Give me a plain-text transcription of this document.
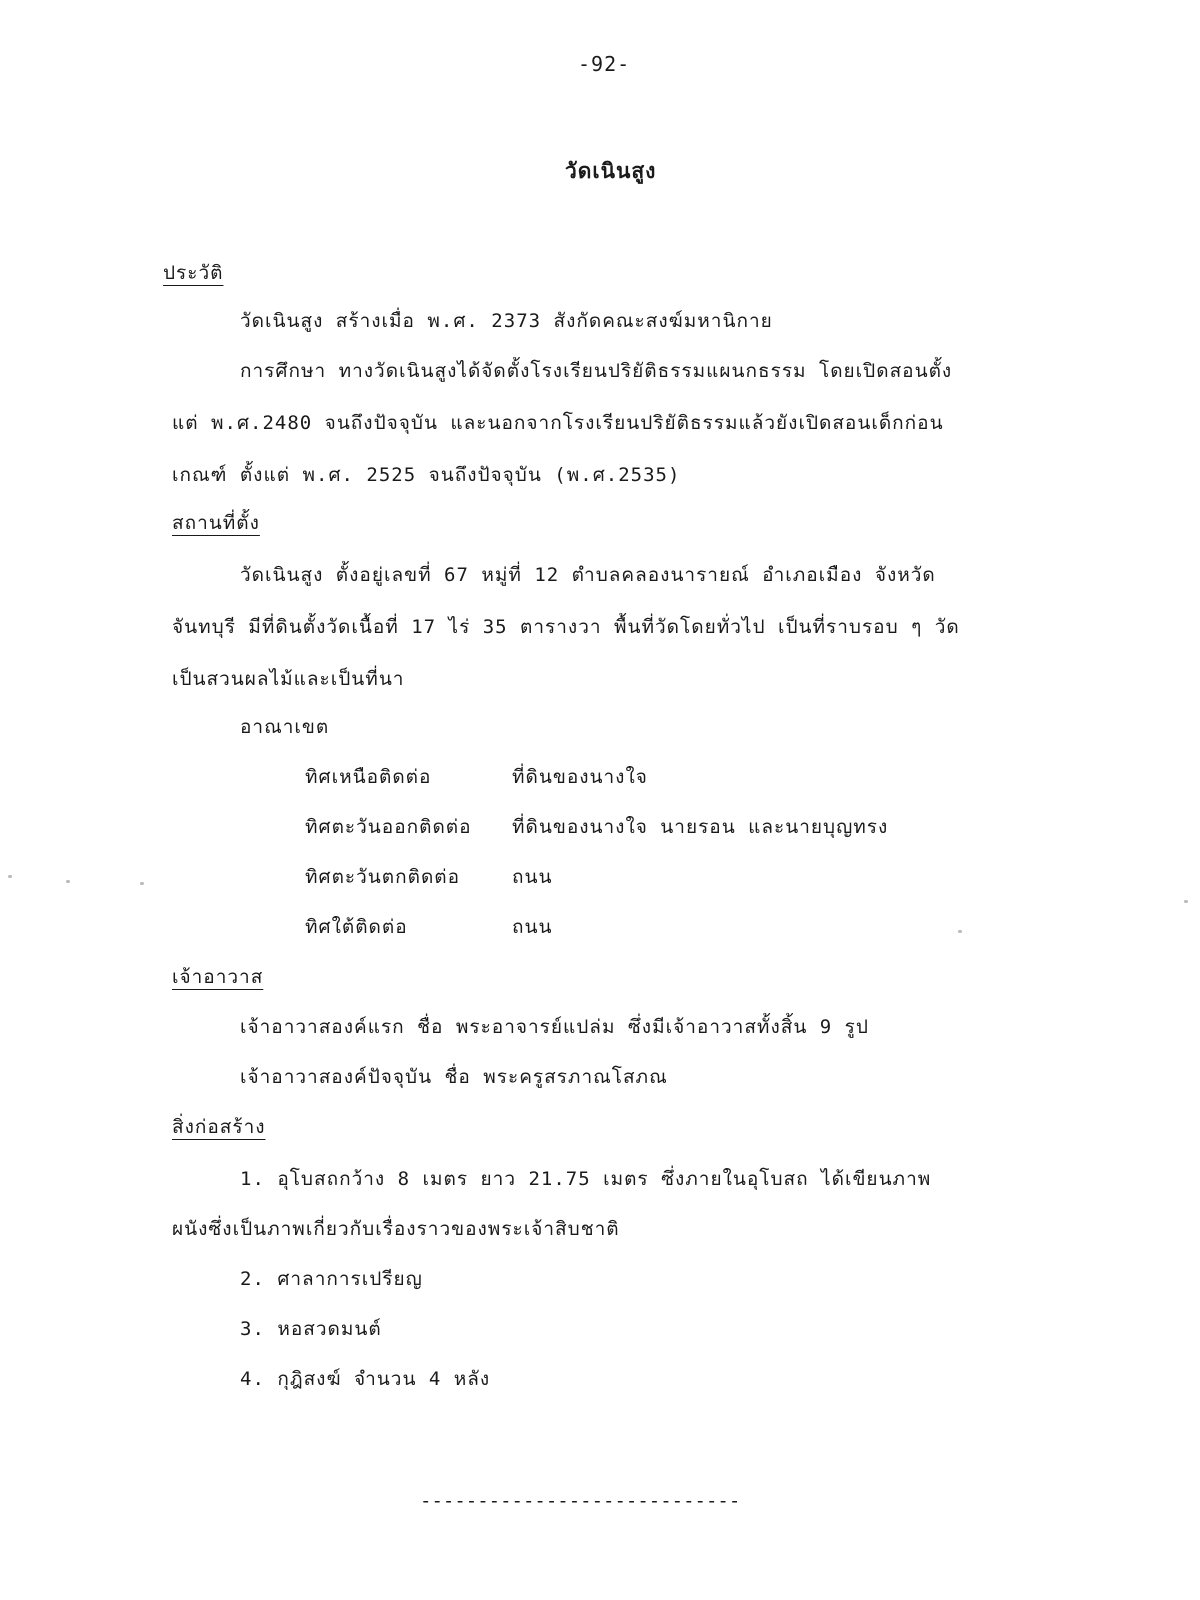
-92-
วัดเนินสูง
ประวัติ
วัดเนินสูง สร้างเมื่อ พ.ศ. 2373 สังกัดคณะสงฆ์มหานิกาย
การศึกษา ทางวัดเนินสูงได้จัดตั้งโรงเรียนปริยัติธรรมแผนกธรรม โดยเปิดสอนตั้ง
แต่ พ.ศ.2480 จนถึงปัจจุบัน และนอกจากโรงเรียนปริยัติธรรมแล้วยังเปิดสอนเด็กก่อน
เกณฑ์ ตั้งแต่ พ.ศ. 2525 จนถึงปัจจุบัน (พ.ศ.2535)
สถานที่ตั้ง
วัดเนินสูง ตั้งอยู่เลขที่ 67 หมู่ที่ 12 ตำบลคลองนารายณ์ อำเภอเมือง จังหวัด
จันทบุรี มีที่ดินตั้งวัดเนื้อที่ 17 ไร่ 35 ตารางวา พื้นที่วัดโดยทั่วไป เป็นที่ราบรอบ ๆ วัด
เป็นสวนผลไม้และเป็นที่นา
อาณาเขต
ทิศเหนือติดต่อ	ที่ดินของนางใจ
ทิศตะวันออกติดต่อ ที่ดินของนางใจ นายรอน และนายบุญทรง
ทิศตะวันตกติดต่อ	ถนน
ทิศใต้ติดต่อ	ถนน
เจ้าอาวาส
เจ้าอาวาสองค์แรก ชื่อ พระอาจารย์แปล่ม ซึ่งมีเจ้าอาวาสทั้งสิ้น 9 รูป
เจ้าอาวาสองค์ปัจจุบัน ชื่อ พระครูสรภาณโสภณ
สิ่งก่อสร้าง
1. อุโบสถกว้าง 8 เมตร ยาว 21.75 เมตร ซึ่งภายในอุโบสถ ได้เขียนภาพ
ผนังซึ่งเป็นภาพเกี่ยวกับเรื่องราวของพระเจ้าสิบชาติ
2. ศาลาการเปรียญ
3. หอสวดมนต์
4. กุฎิสงฆ์ จำนวน 4 หลัง
----------------------------
